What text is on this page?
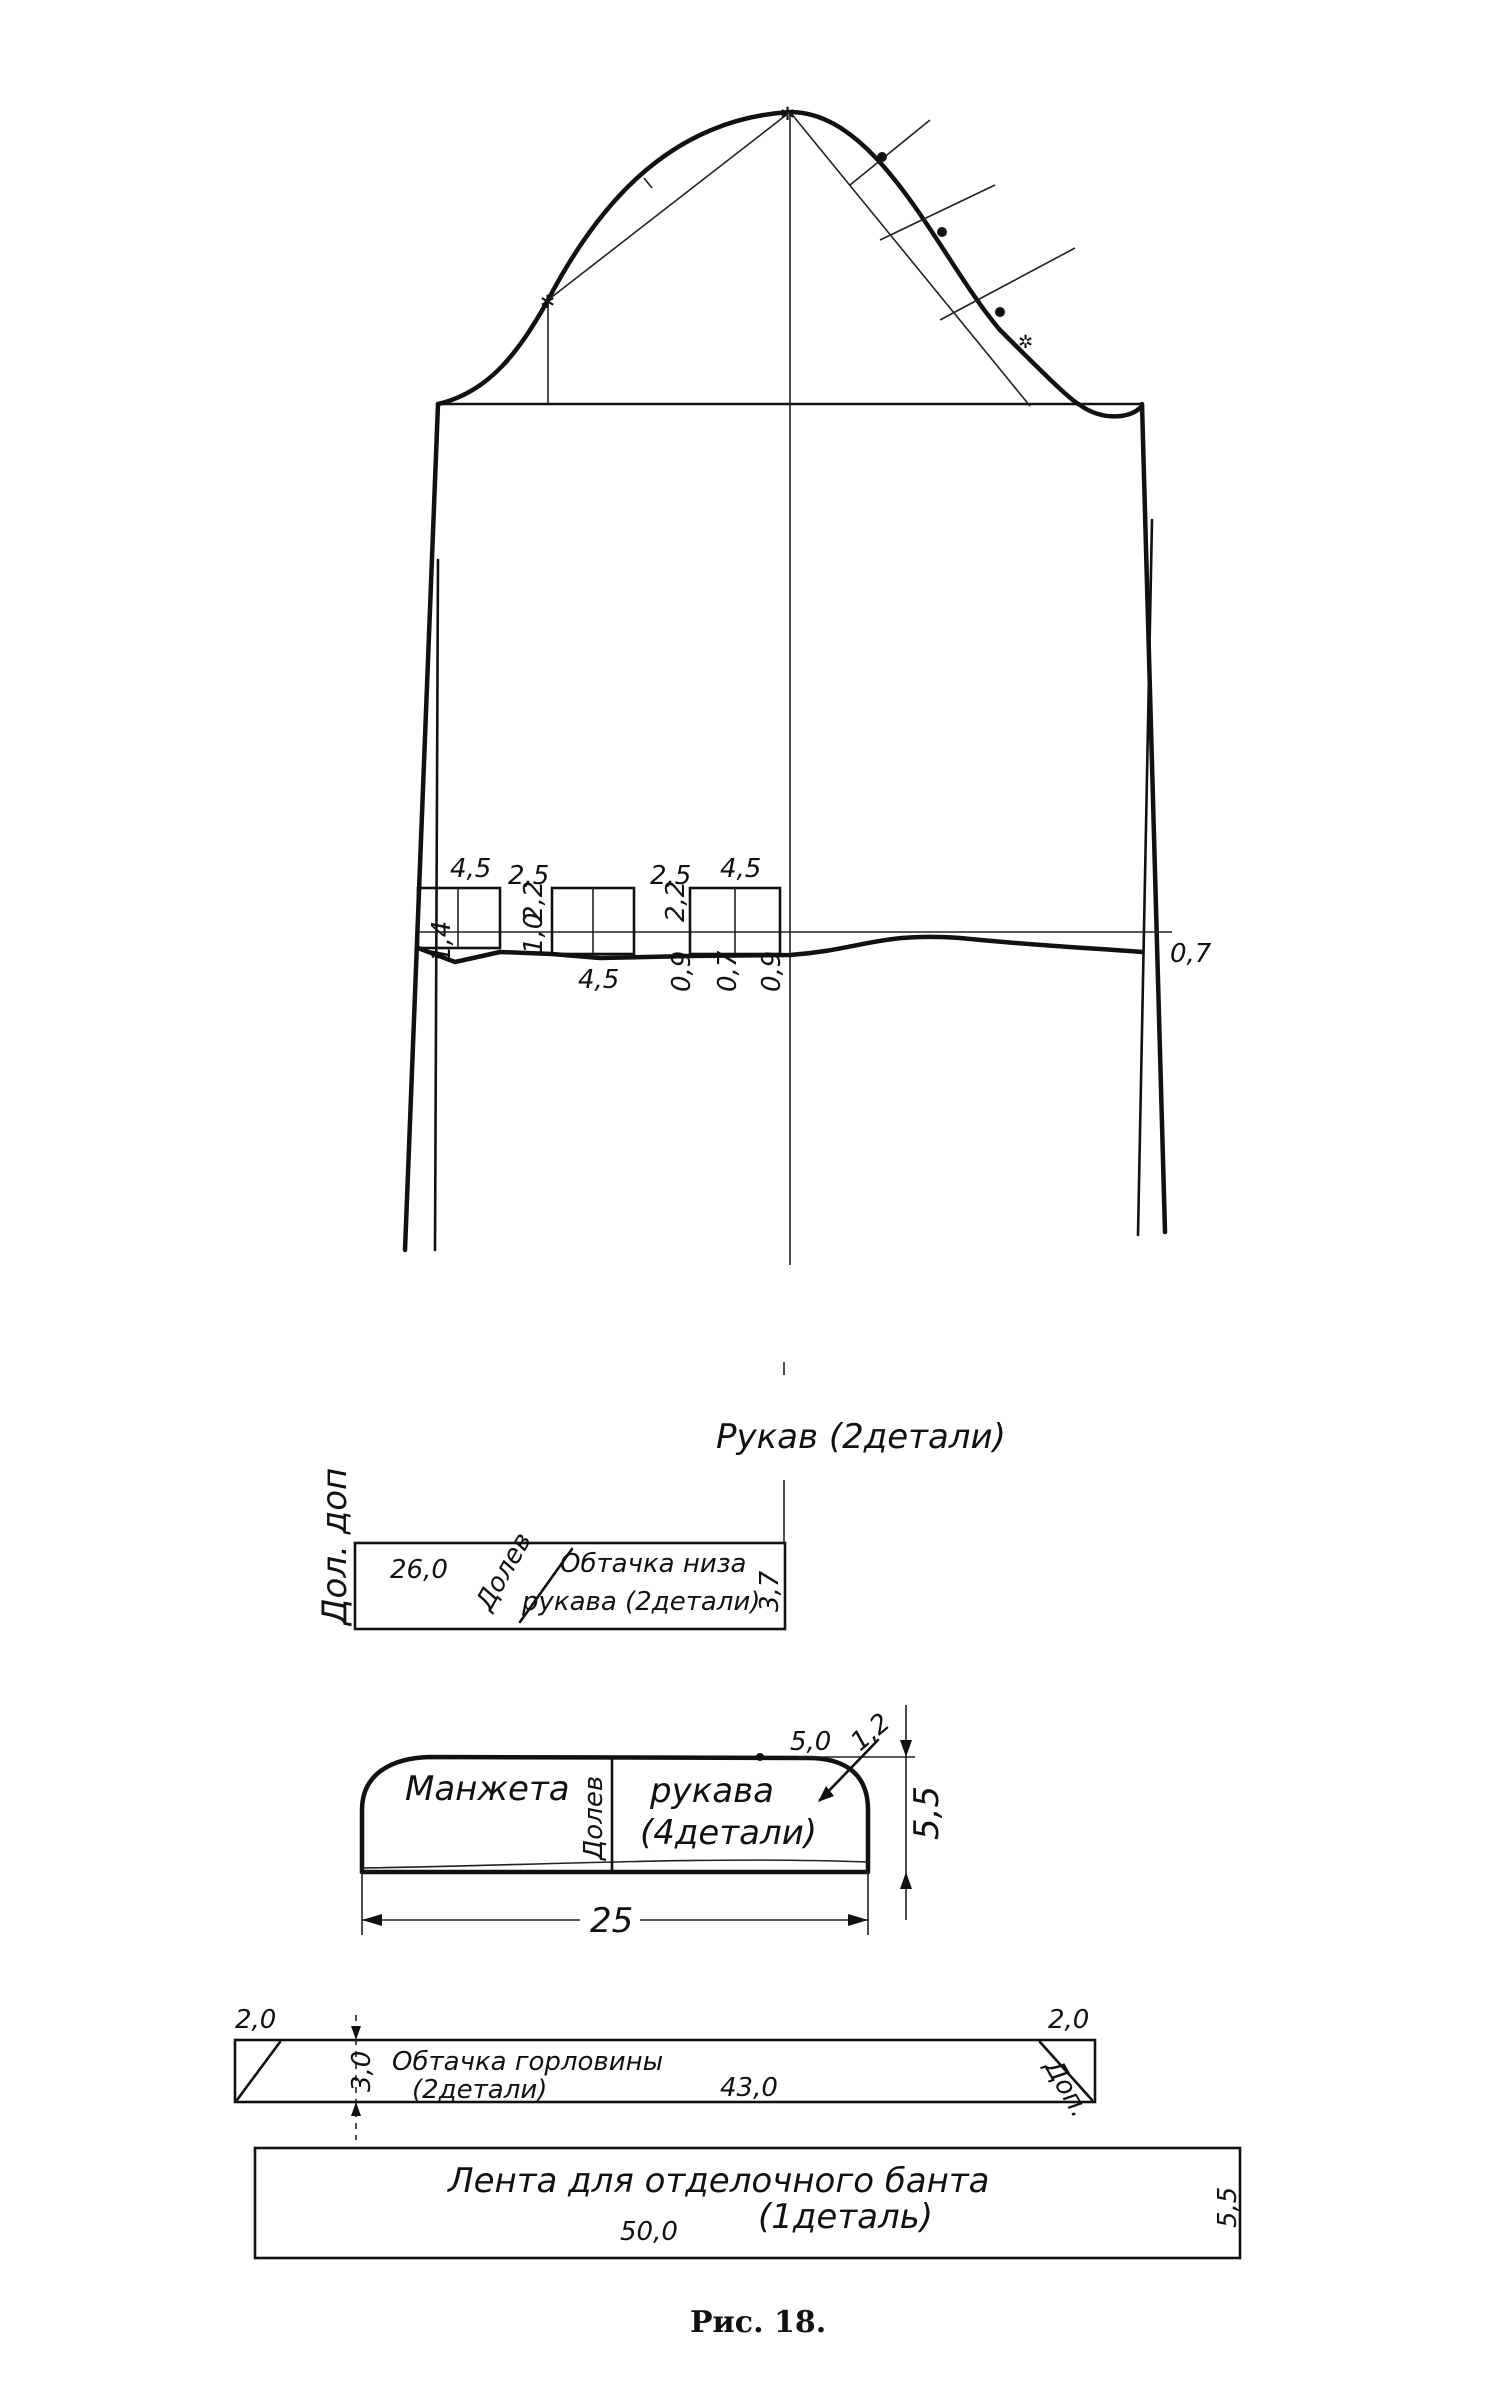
✲
✲
✲
4,5 2,5
2,2
2,5
2,2
4,5
1,4 1,0
4,5 0,9 0,7 0,9	0,7
Рукав (2детали)
Дол. доп 26,0 Долев Обтачка низа
рукава (2детали)
3,7
5,5
5,0 1,2
25
Манжета Долев рукава
(4детали)
2,0	2,0
3,0 Обтачка горловины
(2детали)	43,0	Доп.
Лента для отделочного банта
(1деталь)
50,0
5,5
Рис. 18.
